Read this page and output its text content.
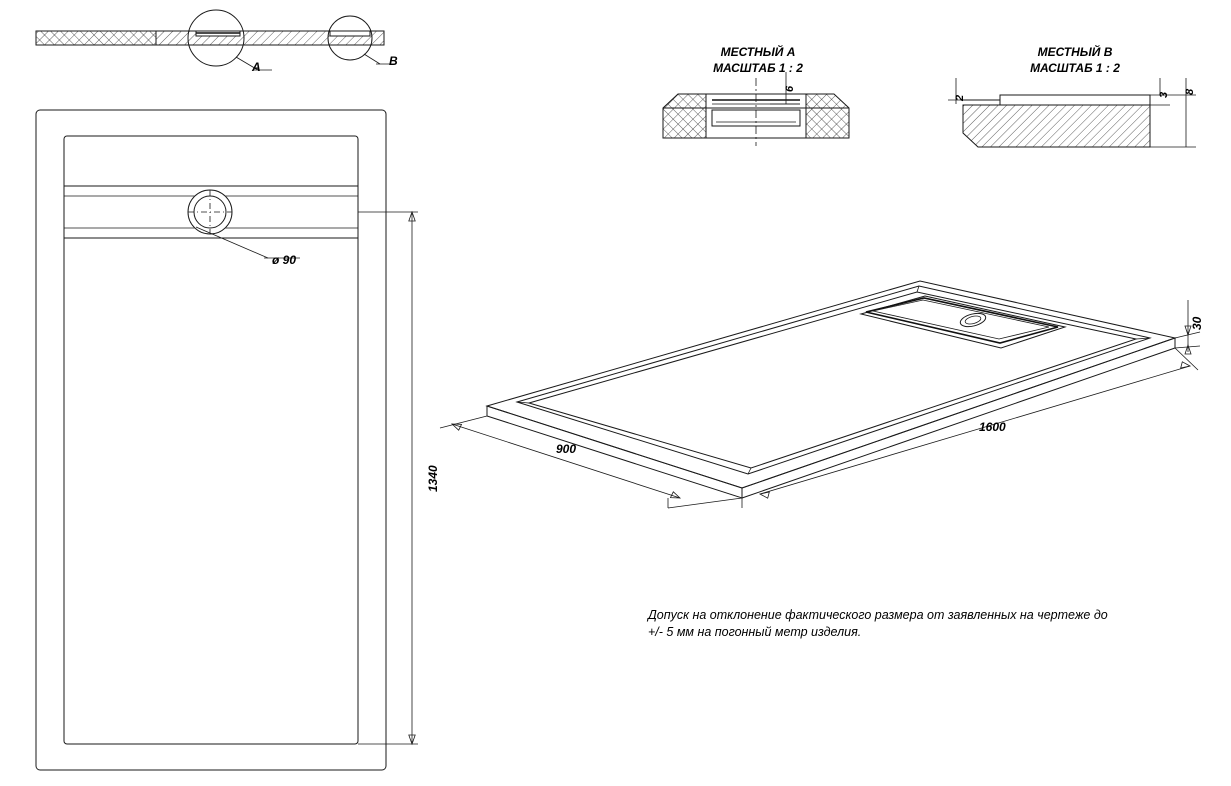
A	B
ø 90
1340
МЕСТНЫЙ A
МАСШТАБ 1 : 2
6
МЕСТНЫЙ B
МАСШТАБ 1 : 2
2	3 8
900
1600
30
Допуск на отклонение фактического размера от заявленных на чертеже до +/- 5 мм на погонный метр изделия.
